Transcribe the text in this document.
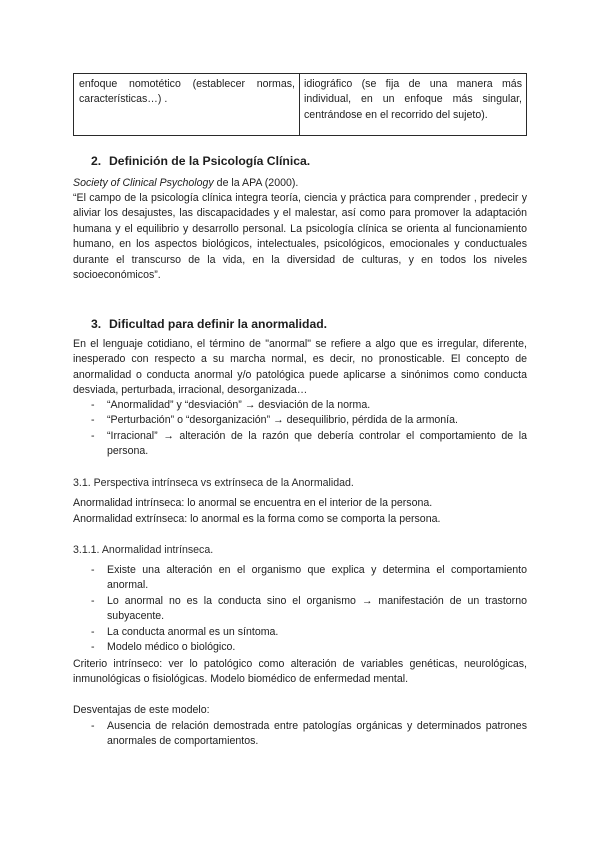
enfoque nomotético (establecer normas, características…) .
idiográfico (se fija de una manera más individual, en un enfoque más singular, centrándose en el recorrido del sujeto).
2. Definición de la Psicología Clínica.
Society of Clinical Psychology de la APA (2000).
“El campo de la psicología clínica integra teoría, ciencia y práctica para comprender , predecir y aliviar los desajustes, las discapacidades y el malestar, así como para promover la adaptación humana y el equilibrio y desarrollo personal. La psicología clínica se orienta al funcionamiento humano, en los aspectos biológicos, intelectuales, psicológicos, emocionales y conductuales durante el transcurso de la vida, en la diversidad de culturas, y en todos los niveles socioeconómicos”.
3. Dificultad para definir la anormalidad.
En el lenguaje cotidiano, el término de "anormal" se refiere a algo que es irregular, diferente, inesperado con respecto a su marcha normal, es decir, no pronosticable. El concepto de anormalidad o conducta anormal y/o patológica puede aplicarse a sinónimos como conducta desviada, perturbada, irracional, desorganizada…
- “Anormalidad” y “desviación” → desviación de la norma.
- “Perturbación” o “desorganización” → desequilibrio, pérdida de la armonía.
- “Irracional” → alteración de la razón que debería controlar el comportamiento de la persona.
3.1. Perspectiva intrínseca vs extrínseca de la Anormalidad.
Anormalidad intrínseca: lo anormal se encuentra en el interior de la persona.
Anormalidad extrínseca: lo anormal es la forma como se comporta la persona.
3.1.1. Anormalidad intrínseca.
- Existe una alteración en el organismo que explica y determina el comportamiento anormal.
- Lo anormal no es la conducta sino el organismo → manifestación de un trastorno subyacente.
- La conducta anormal es un síntoma.
- Modelo médico o biológico.
Criterio intrínseco: ver lo patológico como alteración de variables genéticas, neurológicas, inmunológicas o fisiológicas. Modelo biomédico de enfermedad mental.
Desventajas de este modelo:
- Ausencia de relación demostrada entre patologías orgánicas y determinados patrones anormales de comportamientos.
